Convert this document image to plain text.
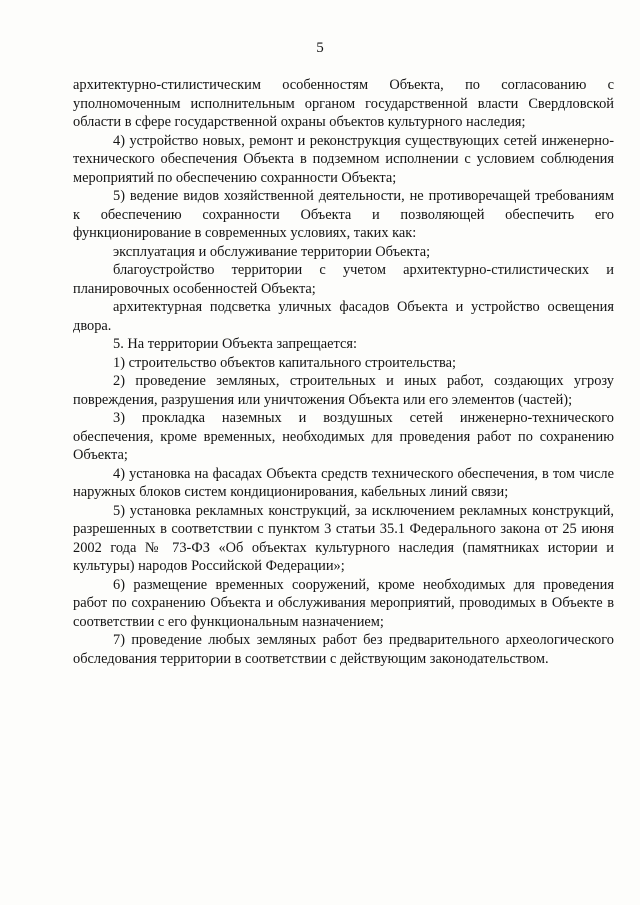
5

архитектурно-стилистическим особенностям Объекта, по согласованию с уполномоченным исполнительным органом государственной власти Свердловской области в сфере государственной охраны объектов культурного наследия;

4) устройство новых, ремонт и реконструкция существующих сетей инженерно-технического обеспечения Объекта в подземном исполнении с условием соблюдения мероприятий по обеспечению сохранности Объекта;

5) ведение видов хозяйственной деятельности, не противоречащей требованиям к обеспечению сохранности Объекта и позволяющей обеспечить его функционирование в современных условиях, таких как:

эксплуатация и обслуживание территории Объекта;

благоустройство территории с учетом архитектурно-стилистических и планировочных особенностей Объекта;

архитектурная подсветка уличных фасадов Объекта и устройство освещения двора.

5. На территории Объекта запрещается:

1) строительство объектов капитального строительства;

2) проведение земляных, строительных и иных работ, создающих угрозу повреждения, разрушения или уничтожения Объекта или его элементов (частей);

3) прокладка наземных и воздушных сетей инженерно-технического обеспечения, кроме временных, необходимых для проведения работ по сохранению Объекта;

4) установка на фасадах Объекта средств технического обеспечения, в том числе наружных блоков систем кондиционирования, кабельных линий связи;

5) установка рекламных конструкций, за исключением рекламных конструкций, разрешенных в соответствии с пунктом 3 статьи 35.1 Федерального закона от 25 июня 2002 года № 73-ФЗ «Об объектах культурного наследия (памятниках истории и культуры) народов Российской Федерации»;

6) размещение временных сооружений, кроме необходимых для проведения работ по сохранению Объекта и обслуживания мероприятий, проводимых в Объекте в соответствии с его функциональным назначением;

7) проведение любых земляных работ без предварительного археологического обследования территории в соответствии с действующим законодательством.
